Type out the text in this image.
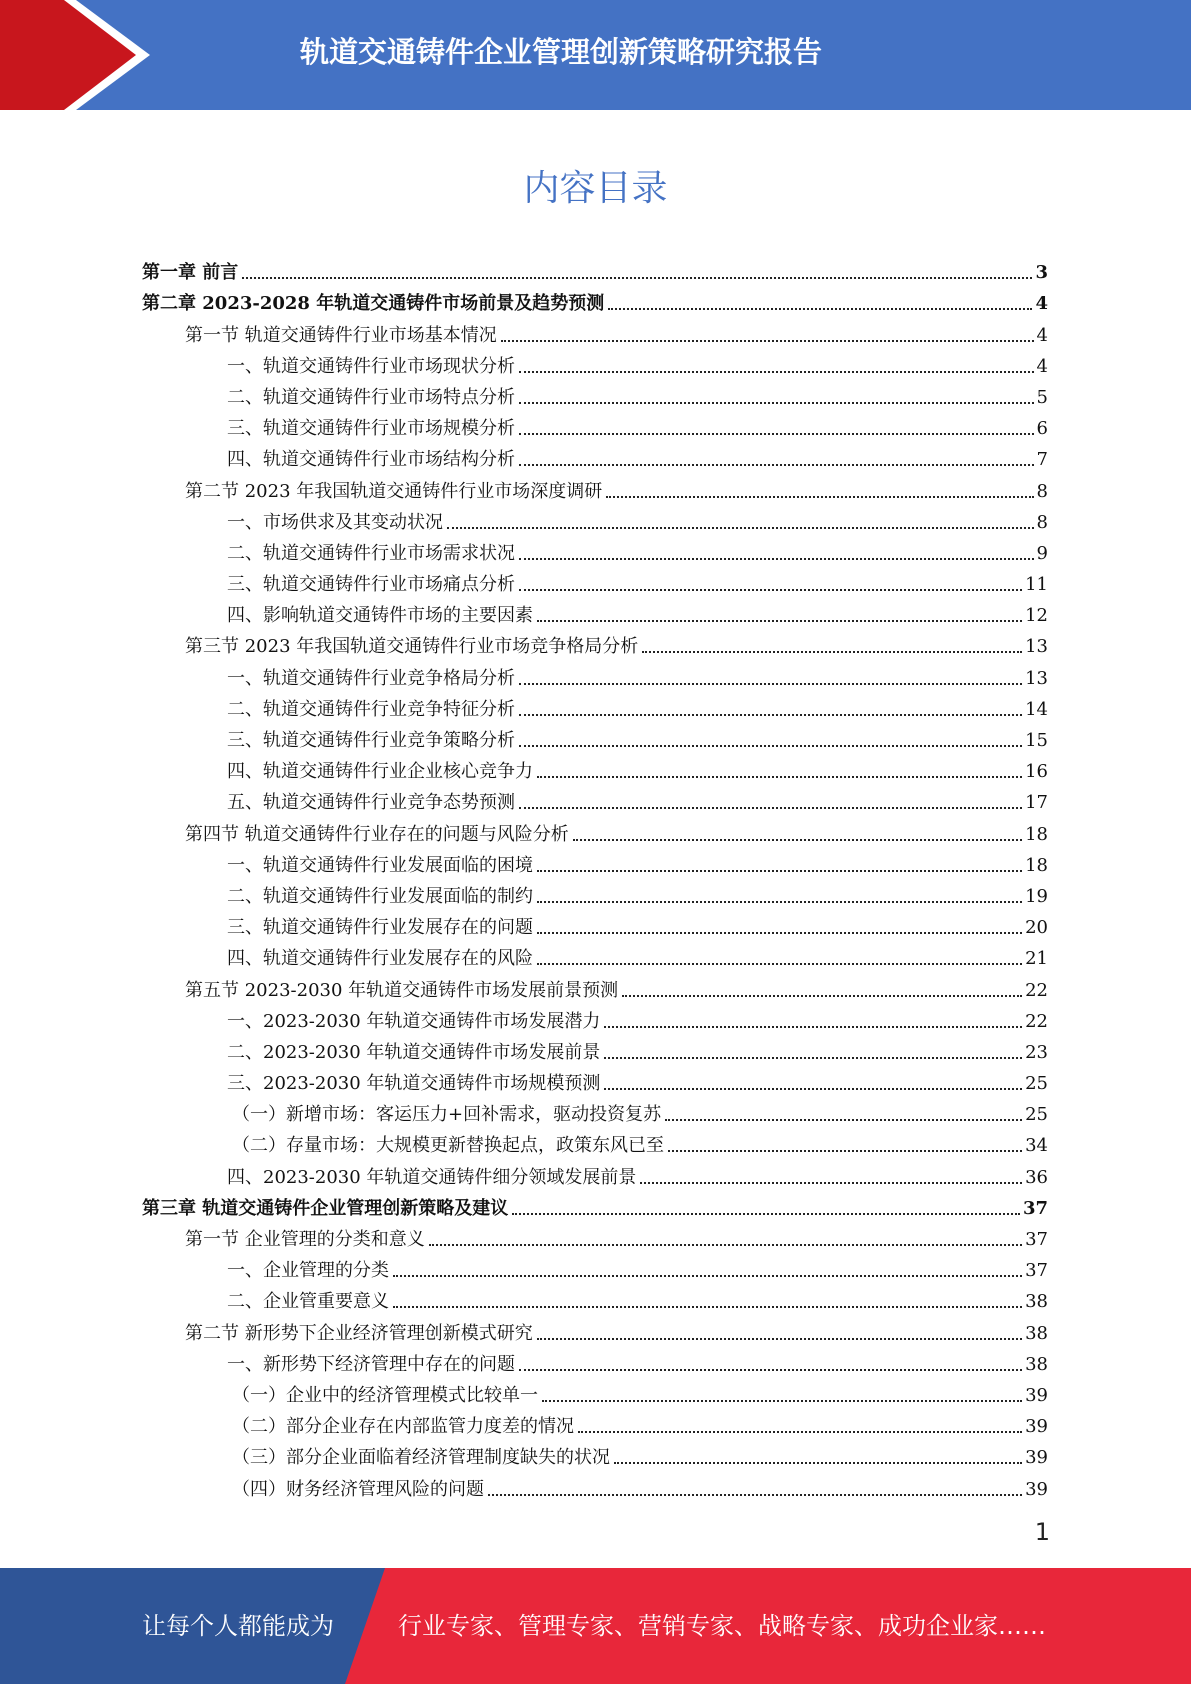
轨道交通铸件企业管理创新策略研究报告
内容目录
第一章 前言	3
第二章 2023-2028 年轨道交通铸件市场前景及趋势预测	4
第一节 轨道交通铸件行业市场基本情况	4
一、轨道交通铸件行业市场现状分析	4
二、轨道交通铸件行业市场特点分析	5
三、轨道交通铸件行业市场规模分析	6
四、轨道交通铸件行业市场结构分析	7
第二节 2023 年我国轨道交通铸件行业市场深度调研	8
一、市场供求及其变动状况	8
二、轨道交通铸件行业市场需求状况	9
三、轨道交通铸件行业市场痛点分析	11
四、影响轨道交通铸件市场的主要因素	12
第三节 2023 年我国轨道交通铸件行业市场竞争格局分析	13
一、轨道交通铸件行业竞争格局分析	13
二、轨道交通铸件行业竞争特征分析	14
三、轨道交通铸件行业竞争策略分析	15
四、轨道交通铸件行业企业核心竞争力	16
五、轨道交通铸件行业竞争态势预测	17
第四节 轨道交通铸件行业存在的问题与风险分析	18
一、轨道交通铸件行业发展面临的困境	18
二、轨道交通铸件行业发展面临的制约	19
三、轨道交通铸件行业发展存在的问题	20
四、轨道交通铸件行业发展存在的风险	21
第五节 2023-2030 年轨道交通铸件市场发展前景预测	22
一、2023-2030 年轨道交通铸件市场发展潜力	22
二、2023-2030 年轨道交通铸件市场发展前景	23
三、2023-2030 年轨道交通铸件市场规模预测	25
（一）新增市场：客运压力+回补需求，驱动投资复苏	25
（二）存量市场：大规模更新替换起点，政策东风已至	34
四、2023-2030 年轨道交通铸件细分领域发展前景	36
第三章 轨道交通铸件企业管理创新策略及建议	37
第一节 企业管理的分类和意义	37
一、企业管理的分类	37
二、企业管重要意义	38
第二节 新形势下企业经济管理创新模式研究	38
一、新形势下经济管理中存在的问题	38
（一）企业中的经济管理模式比较单一	39
（二）部分企业存在内部监管力度差的情况	39
（三）部分企业面临着经济管理制度缺失的状况	39
（四）财务经济管理风险的问题	39
1
让每个人都能成为	行业专家、管理专家、营销专家、战略专家、成功企业家……
